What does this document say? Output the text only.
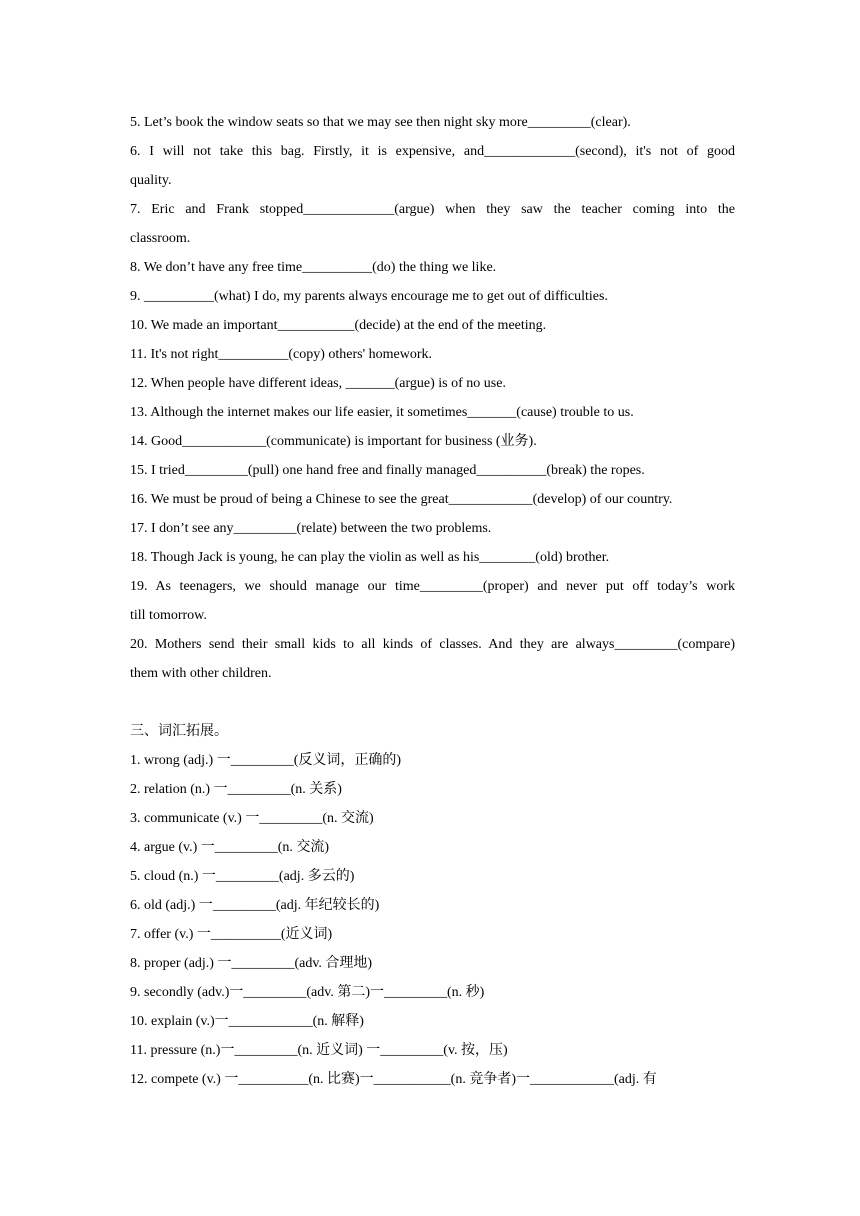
5. Let’s book the window seats so that we may see then night sky more_________(clear).
6. I will not take this bag. Firstly, it is expensive, and_____________(second), it's not of good
quality.
7. Eric and Frank stopped_____________(argue) when they saw the teacher coming into the
classroom.
8. We don’t have any free time__________(do) the thing we like.
9. __________(what) I do, my parents always encourage me to get out of difficulties.
10. We made an important___________(decide) at the end of the meeting.
11. It's not right__________(copy) others' homework.
12. When people have different ideas, _______(argue) is of no use.
13. Although the internet makes our life easier, it sometimes_______(cause) trouble to us.
14. Good____________(communicate) is important for business (业务).
15. I tried_________(pull) one hand free and finally managed__________(break) the ropes.
16. We must be proud of being a Chinese to see the great____________(develop) of our country.
17. I don’t see any_________(relate) between the two problems.
18. Though Jack is young, he can play the violin as well as his________(old) brother.
19. As teenagers, we should manage our time_________(proper) and never put off today’s work
till tomorrow.
20. Mothers send their small kids to all kinds of classes. And they are always_________(compare)
them with other children.
三、词汇拓展。
1. wrong (adj.) 一_________(反义词，正确的)
2. relation (n.) 一_________(n. 关系)
3. communicate (v.) 一_________(n. 交流)
4. argue (v.) 一_________(n. 交流)
5. cloud (n.) 一_________(adj. 多云的)
6. old (adj.) 一_________(adj. 年纪较长的)
7. offer (v.) 一__________(近义词)
8. proper (adj.) 一_________(adv. 合理地)
9. secondly (adv.)一_________(adv. 第二)一_________(n. 秒)
10. explain (v.)一____________(n. 解释)
11. pressure (n.)一_________(n. 近义词) 一_________(v. 按，压)
12. compete (v.) 一__________(n. 比赛)一___________(n. 竞争者)一____________(adj. 有
